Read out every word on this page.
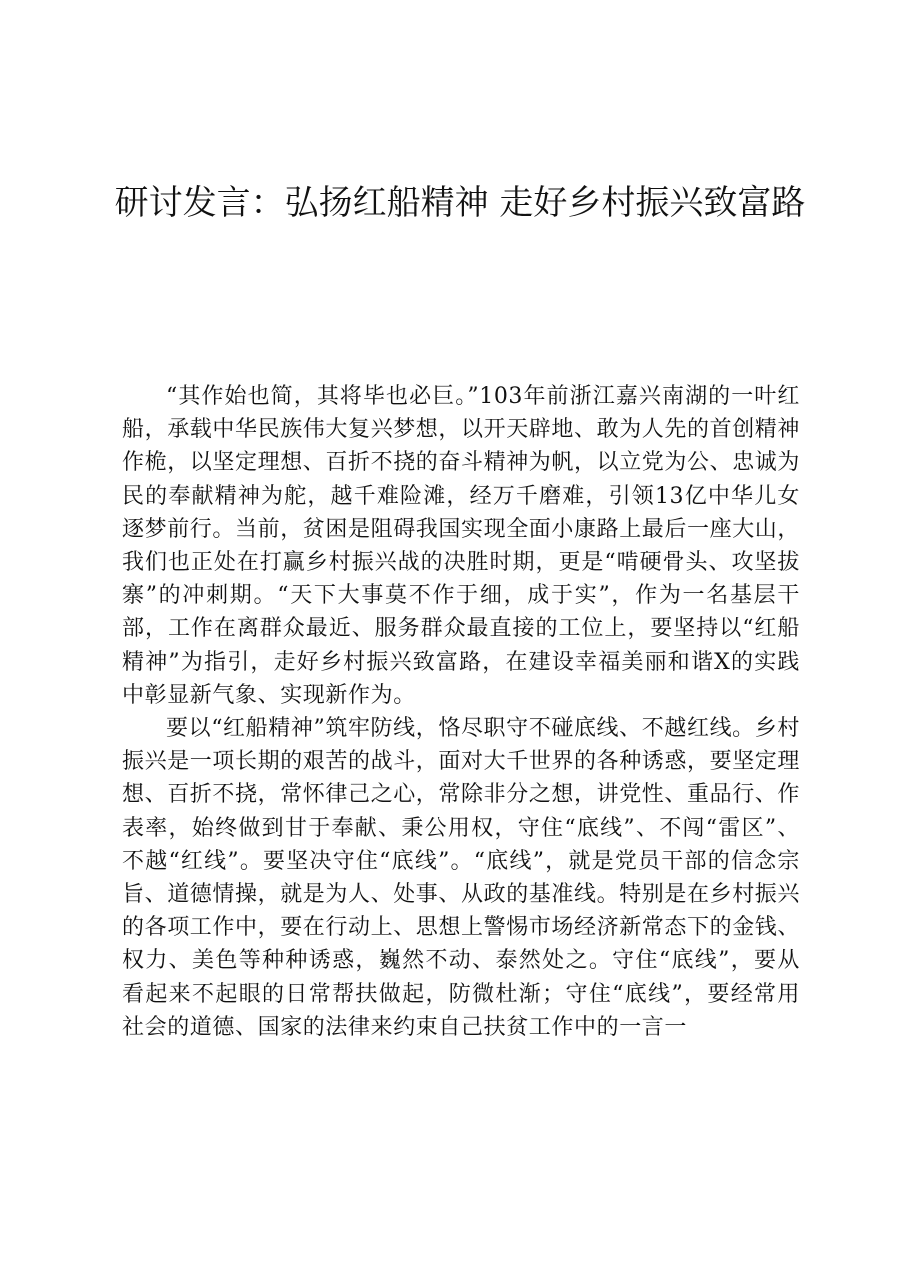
研讨发言：弘扬红船精神 走好乡村振兴致富路

“其作始也简，其将毕也必巨。”103年前浙江嘉兴南湖的一叶红船，承载中华民族伟大复兴梦想，以开天辟地、敢为人先的首创精神作桅，以坚定理想、百折不挠的奋斗精神为帆，以立党为公、忠诚为民的奉献精神为舵，越千难险滩，经万千磨难，引领13亿中华儿女逐梦前行。当前，贫困是阻碍我国实现全面小康路上最后一座大山，我们也正处在打赢乡村振兴战的决胜时期，更是“啃硬骨头、攻坚拔寨”的冲刺期。“天下大事莫不作于细，成于实”，作为一名基层干部，工作在离群众最近、服务群众最直接的工位上，要坚持以“红船精神”为指引，走好乡村振兴致富路，在建设幸福美丽和谐X的实践中彰显新气象、实现新作为。

要以“红船精神”筑牢防线，恪尽职守不碰底线、不越红线。乡村振兴是一项长期的艰苦的战斗，面对大千世界的各种诱惑，要坚定理想、百折不挠，常怀律己之心，常除非分之想，讲党性、重品行、作表率，始终做到甘于奉献、秉公用权，守住“底线”、不闯“雷区”、不越“红线”。要坚决守住“底线”。“底线”，就是党员干部的信念宗旨、道德情操，就是为人、处事、从政的基准线。特别是在乡村振兴的各项工作中，要在行动上、思想上警惕市场经济新常态下的金钱、权力、美色等种种诱惑，巍然不动、泰然处之。守住“底线”，要从看起来不起眼的日常帮扶做起，防微杜渐；守住“底线”，要经常用社会的道德、国家的法律来约束自己扶贫工作中的一言一
